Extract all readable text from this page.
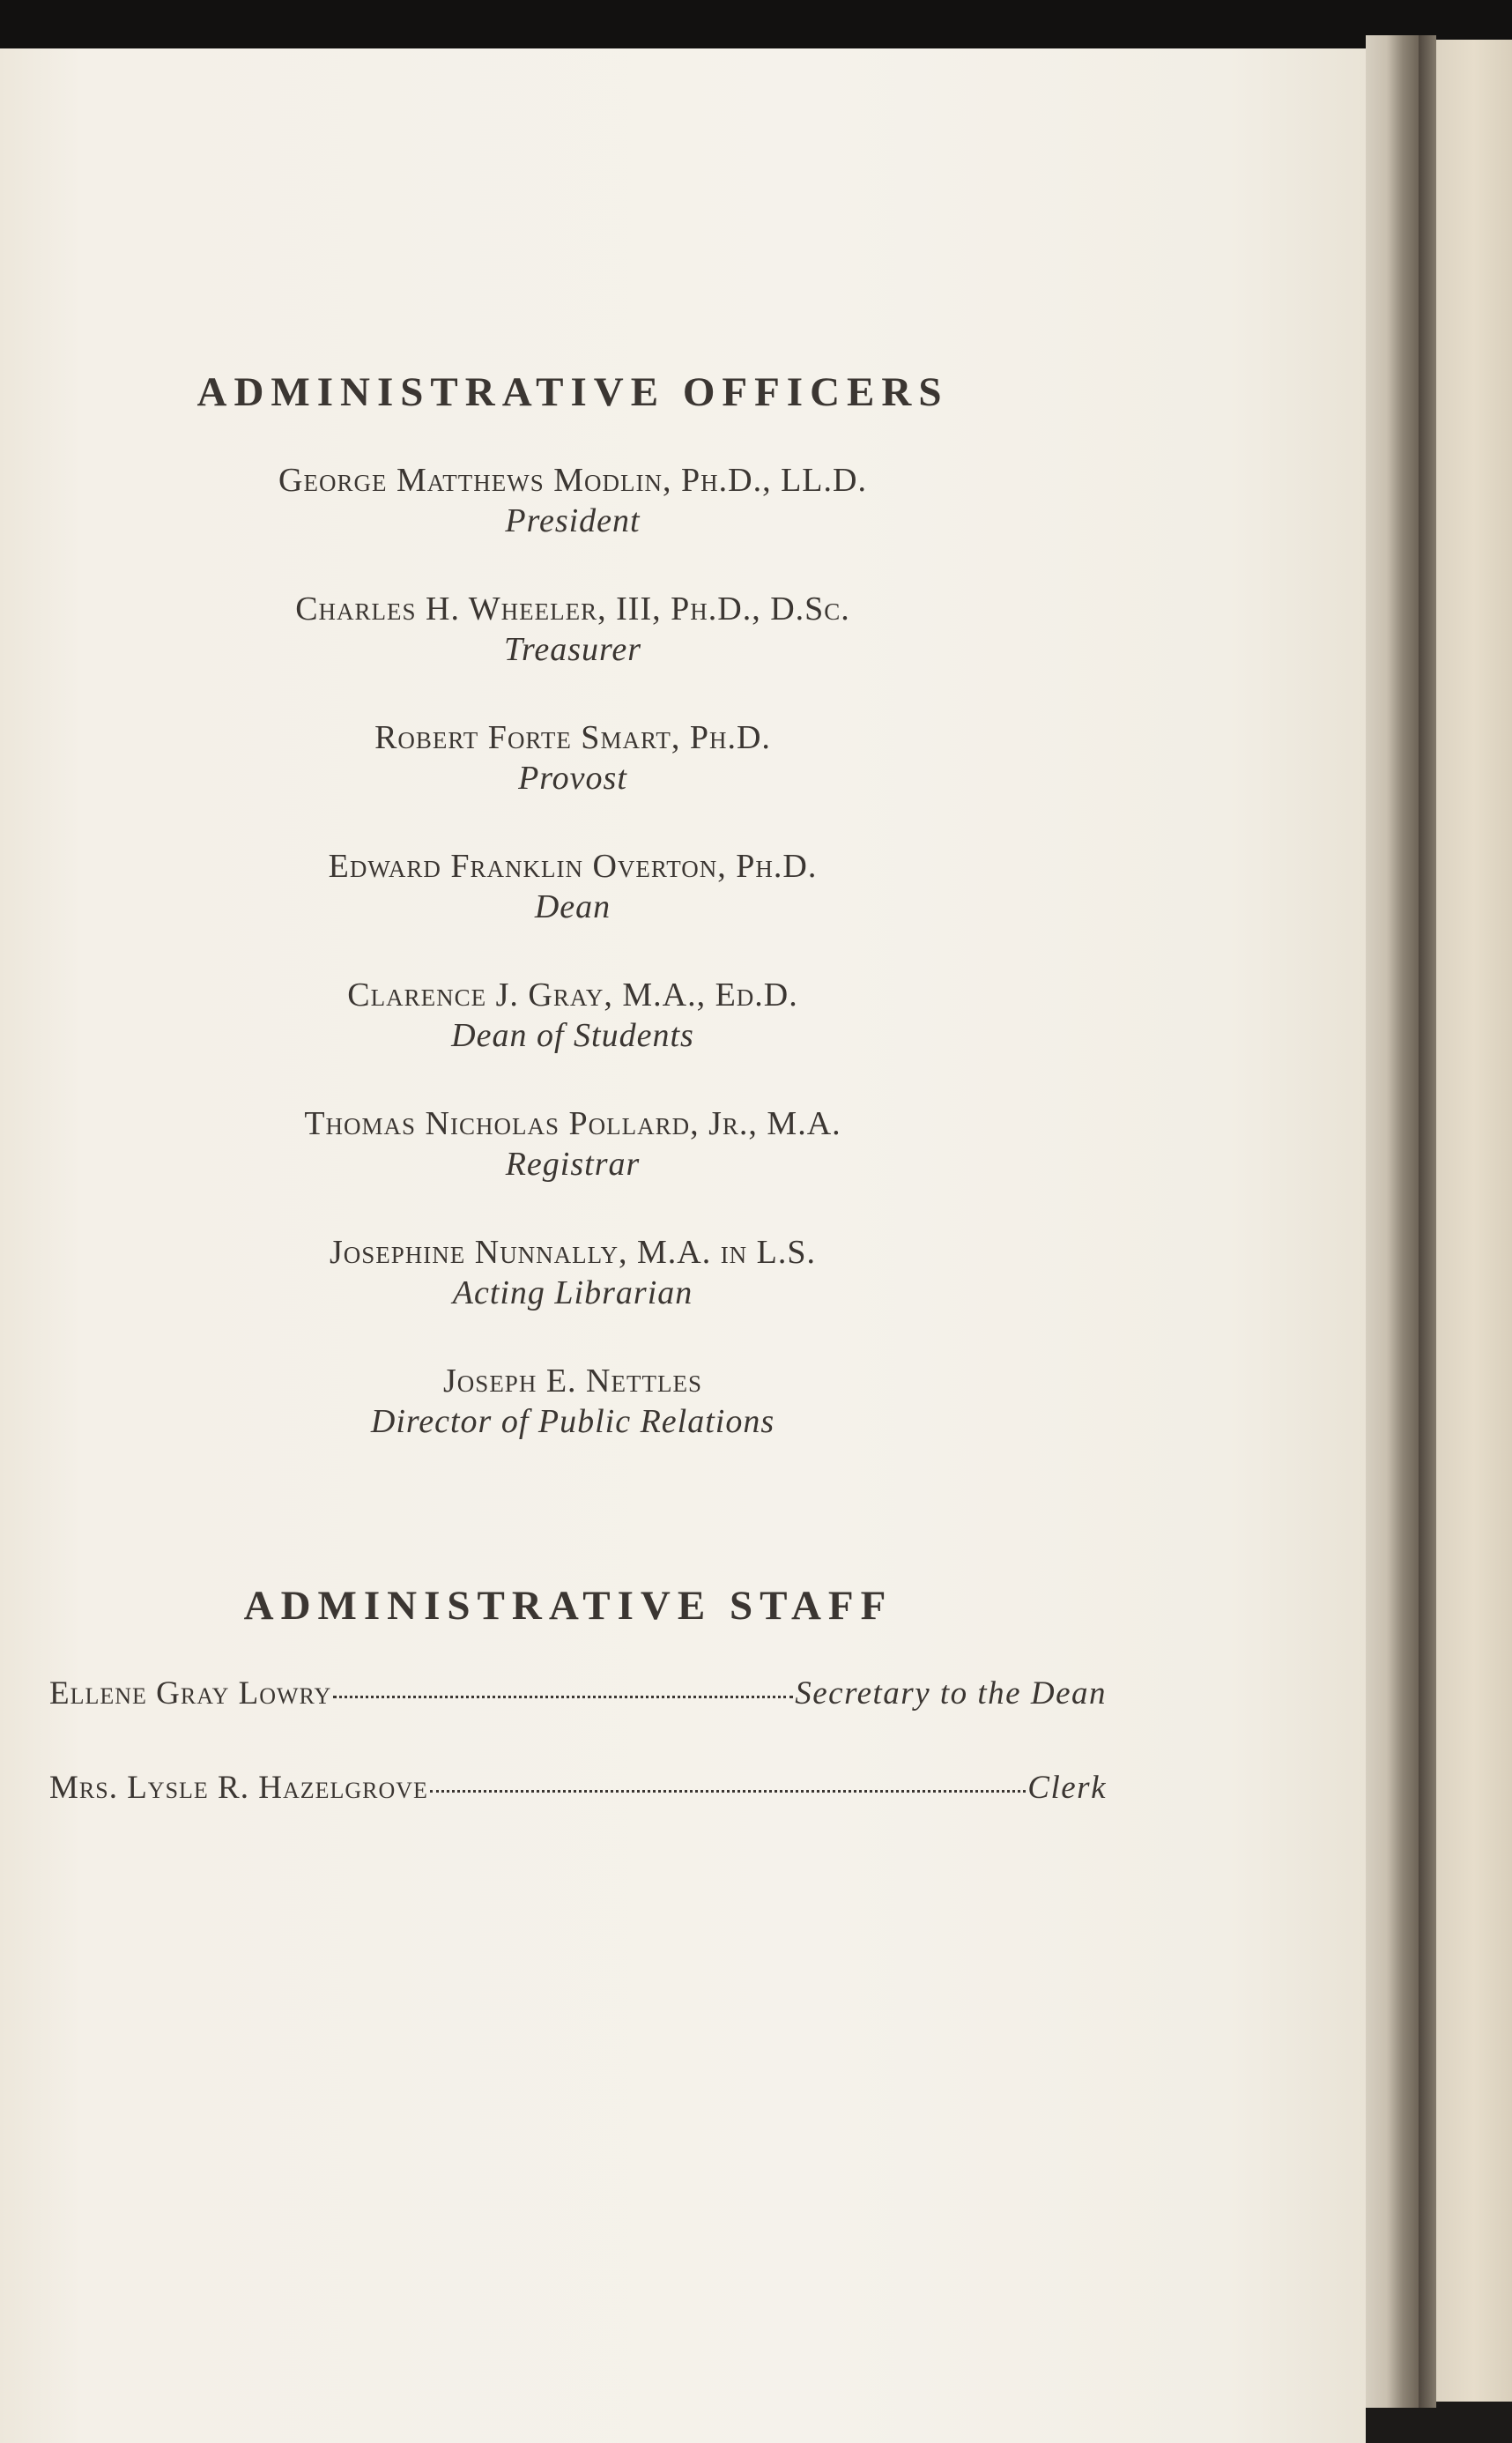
ADMINISTRATIVE OFFICERS
George Matthews Modlin, Ph.D., LL.D.
President
Charles H. Wheeler, III, Ph.D., D.Sc.
Treasurer
Robert Forte Smart, Ph.D.
Provost
Edward Franklin Overton, Ph.D.
Dean
Clarence J. Gray, M.A., Ed.D.
Dean of Students
Thomas Nicholas Pollard, Jr., M.A.
Registrar
Josephine Nunnally, M.A. in L.S.
Acting Librarian
Joseph E. Nettles
Director of Public Relations
ADMINISTRATIVE STAFF
Ellene Gray Lowry	Secretary to the Dean
Mrs. Lysle R. Hazelgrove	Clerk
